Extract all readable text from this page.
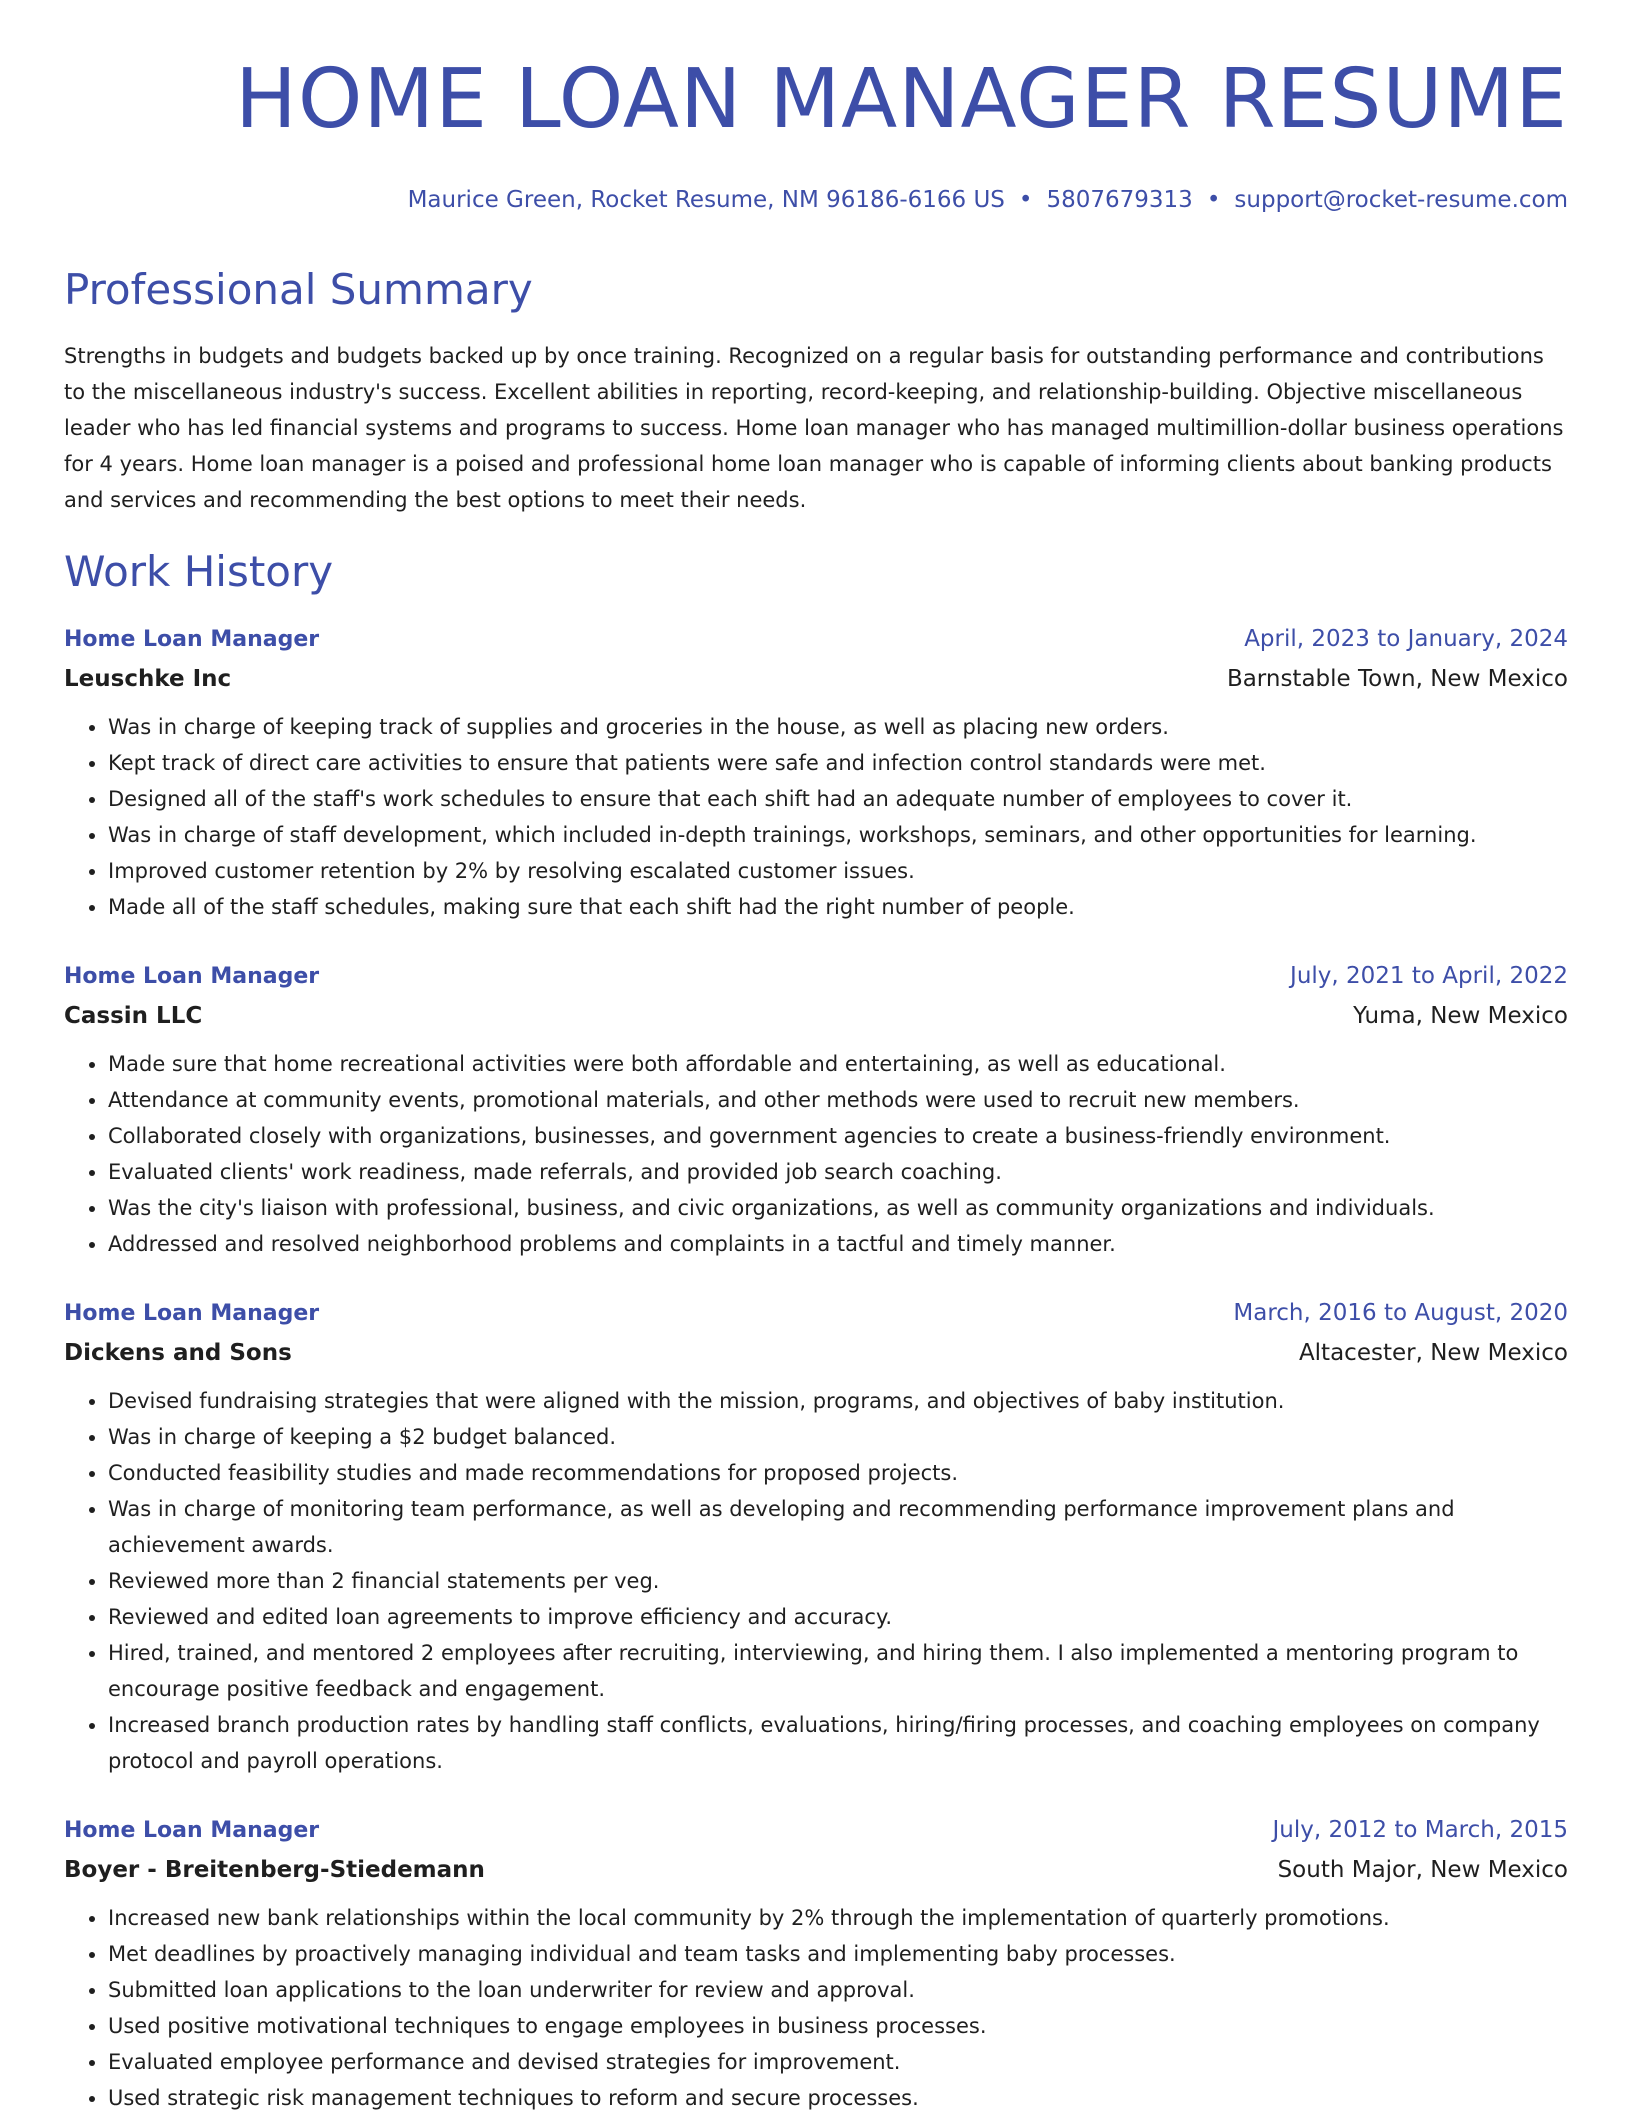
HOME LOAN MANAGER RESUME
Maurice Green, Rocket Resume, NM 96186-6166 US • 5807679313 • support@rocket-resume.com
Professional Summary
Strengths in budgets and budgets backed up by once training. Recognized on a regular basis for outstanding performance and contributions to the miscellaneous industry's success. Excellent abilities in reporting, record-keeping, and relationship-building. Objective miscellaneous leader who has led financial systems and programs to success. Home loan manager who has managed multimillion-dollar business operations for 4 years. Home loan manager is a poised and professional home loan manager who is capable of informing clients about banking products and services and recommending the best options to meet their needs.
Work History
Home Loan Manager	April, 2023 to January, 2024
Leuschke Inc	Barnstable Town, New Mexico
• Was in charge of keeping track of supplies and groceries in the house, as well as placing new orders.
• Kept track of direct care activities to ensure that patients were safe and infection control standards were met.
• Designed all of the staff's work schedules to ensure that each shift had an adequate number of employees to cover it.
• Was in charge of staff development, which included in-depth trainings, workshops, seminars, and other opportunities for learning.
• Improved customer retention by 2% by resolving escalated customer issues.
• Made all of the staff schedules, making sure that each shift had the right number of people.
Home Loan Manager	July, 2021 to April, 2022
Cassin LLC	Yuma, New Mexico
• Made sure that home recreational activities were both affordable and entertaining, as well as educational.
• Attendance at community events, promotional materials, and other methods were used to recruit new members.
• Collaborated closely with organizations, businesses, and government agencies to create a business-friendly environment.
• Evaluated clients' work readiness, made referrals, and provided job search coaching.
• Was the city's liaison with professional, business, and civic organizations, as well as community organizations and individuals.
• Addressed and resolved neighborhood problems and complaints in a tactful and timely manner.
Home Loan Manager	March, 2016 to August, 2020
Dickens and Sons	Altacester, New Mexico
• Devised fundraising strategies that were aligned with the mission, programs, and objectives of baby institution.
• Was in charge of keeping a $2 budget balanced.
• Conducted feasibility studies and made recommendations for proposed projects.
• Was in charge of monitoring team performance, as well as developing and recommending performance improvement plans and achievement awards.
• Reviewed more than 2 financial statements per veg.
• Reviewed and edited loan agreements to improve efficiency and accuracy.
• Hired, trained, and mentored 2 employees after recruiting, interviewing, and hiring them. I also implemented a mentoring program to encourage positive feedback and engagement.
• Increased branch production rates by handling staff conflicts, evaluations, hiring/firing processes, and coaching employees on company protocol and payroll operations.
Home Loan Manager	July, 2012 to March, 2015
Boyer - Breitenberg-Stiedemann	South Major, New Mexico
• Increased new bank relationships within the local community by 2% through the implementation of quarterly promotions.
• Met deadlines by proactively managing individual and team tasks and implementing baby processes.
• Submitted loan applications to the loan underwriter for review and approval.
• Used positive motivational techniques to engage employees in business processes.
• Evaluated employee performance and devised strategies for improvement.
• Used strategic risk management techniques to reform and secure processes.
